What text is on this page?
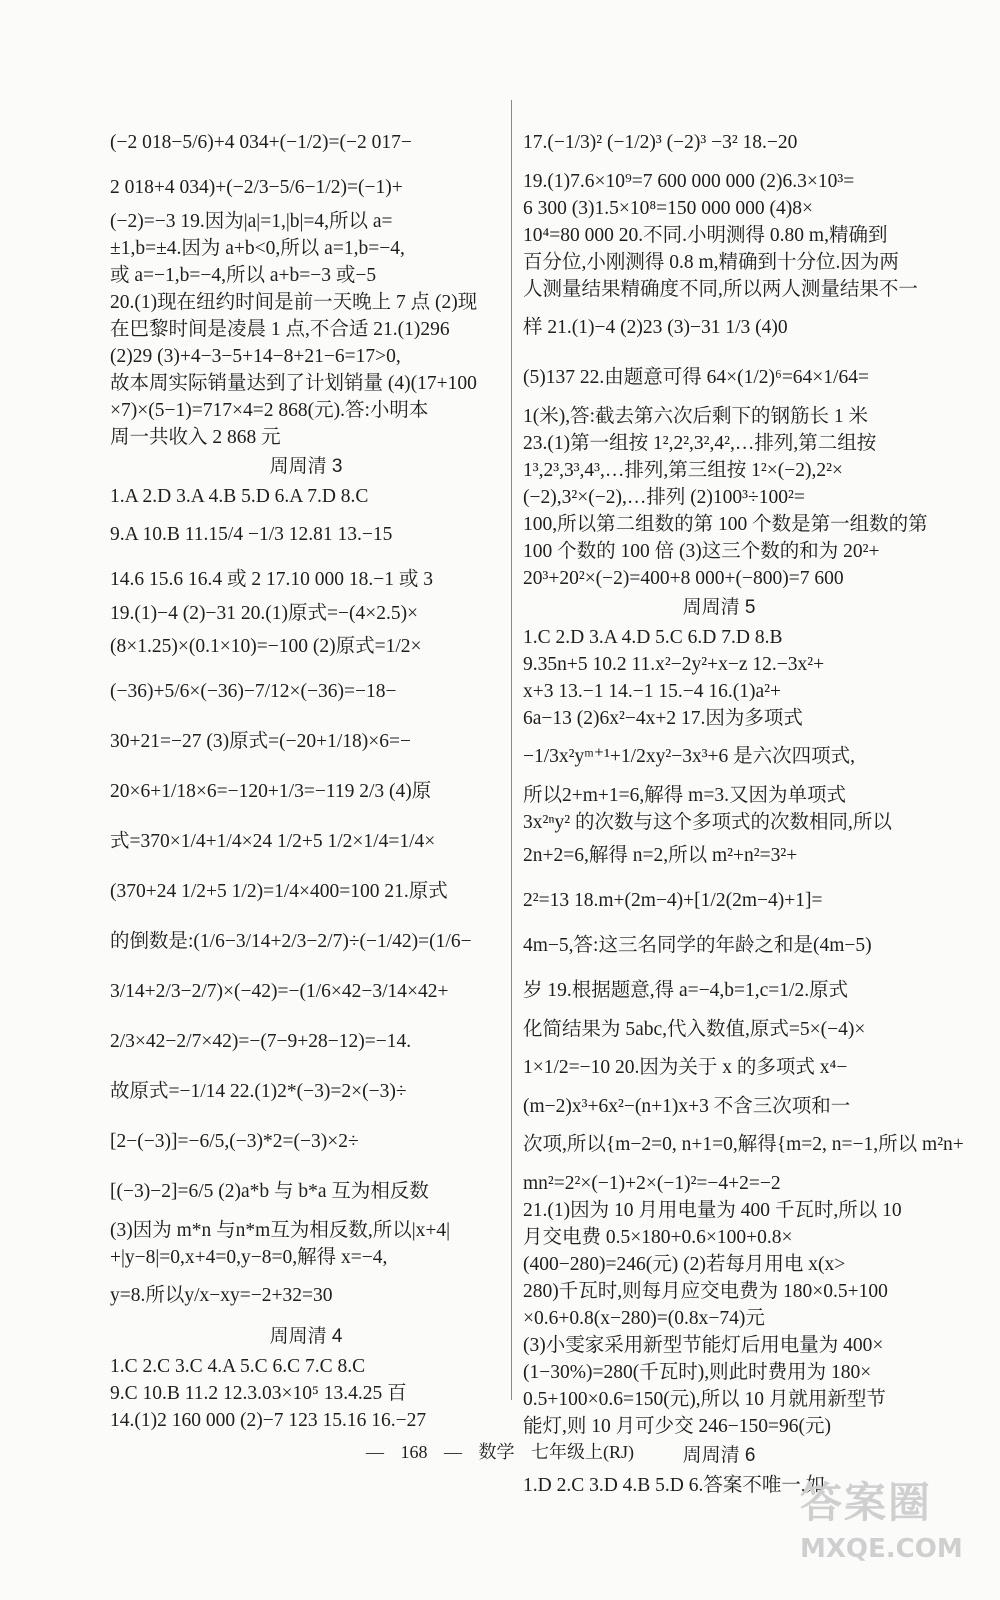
(−2 018−5/6)+4 034+(−1/2)=(−2 017−
2 018+4 034)+(−2/3−5/6−1/2)=(−1)+
(−2)=−3 19.因为|a|=1,|b|=4,所以 a=
±1,b=±4.因为 a+b<0,所以 a=1,b=−4,
或 a=−1,b=−4,所以 a+b=−3 或−5
20.(1)现在纽约时间是前一天晚上 7 点 (2)现
在巴黎时间是凌晨 1 点,不合适 21.(1)296
(2)29 (3)+4−3−5+14−8+21−6=17>0,
故本周实际销量达到了计划销量 (4)(17+100
×7)×(5−1)=717×4=2 868(元).答:小明本
周一共收入 2 868 元
周周清 3
1.A 2.D 3.A 4.B 5.D 6.A 7.D 8.C
9.A 10.B 11.15/4 −1/3 12.81 13.−15
14.6 15.6 16.4 或 2 17.10 000 18.−1 或 3
19.(1)−4 (2)−31 20.(1)原式=−(4×2.5)×
(8×1.25)×(0.1×10)=−100 (2)原式=1/2×
(−36)+5/6×(−36)−7/12×(−36)=−18−
30+21=−27 (3)原式=(−20+1/18)×6=−
20×6+1/18×6=−120+1/3=−119 2/3 (4)原
式=370×1/4+1/4×24 1/2+5 1/2×1/4=1/4×
(370+24 1/2+5 1/2)=1/4×400=100 21.原式
的倒数是:(1/6−3/14+2/3−2/7)÷(−1/42)=(1/6−
3/14+2/3−2/7)×(−42)=−(1/6×42−3/14×42+
2/3×42−2/7×42)=−(7−9+28−12)=−14.
故原式=−1/14 22.(1)2*(−3)=2×(−3)÷
[2−(−3)]=−6/5,(−3)*2=(−3)×2÷
[(−3)−2]=6/5 (2)a*b 与 b*a 互为相反数
(3)因为 m*n 与n*m互为相反数,所以|x+4|
+|y−8|=0,x+4=0,y−8=0,解得 x=−4,
y=8.所以y/x−xy=−2+32=30
周周清 4
1.C 2.C 3.C 4.A 5.C 6.C 7.C 8.C
9.C 10.B 11.2 12.3.03×10⁵ 13.4.25 百
14.(1)2 160 000 (2)−7 123 15.16 16.−27
17.(−1/3)² (−1/2)³ (−2)³ −3² 18.−20
19.(1)7.6×10⁹=7 600 000 000 (2)6.3×10³=
6 300 (3)1.5×10⁸=150 000 000 (4)8×
10⁴=80 000 20.不同.小明测得 0.80 m,精确到
百分位,小刚测得 0.8 m,精确到十分位.因为两
人测量结果精确度不同,所以两人测量结果不一
样 21.(1)−4 (2)23 (3)−31 1/3 (4)0
(5)137 22.由题意可得 64×(1/2)⁶=64×1/64=
1(米),答:截去第六次后剩下的钢筋长 1 米
23.(1)第一组按 1²,2²,3²,4²,…排列,第二组按
1³,2³,3³,4³,…排列,第三组按 1²×(−2),2²×
(−2),3²×(−2),…排列 (2)100³÷100²=
100,所以第二组数的第 100 个数是第一组数的第
100 个数的 100 倍 (3)这三个数的和为 20²+
20³+20²×(−2)=400+8 000+(−800)=7 600
周周清 5
1.C 2.D 3.A 4.D 5.C 6.D 7.D 8.B
9.35n+5 10.2 11.x²−2y²+x−z 12.−3x²+
x+3 13.−1 14.−1 15.−4 16.(1)a²+
6a−13 (2)6x²−4x+2 17.因为多项式
−1/3x²yᵐ⁺¹+1/2xy²−3x³+6 是六次四项式,
所以2+m+1=6,解得 m=3.又因为单项式
3x²ⁿy² 的次数与这个多项式的次数相同,所以
2n+2=6,解得 n=2,所以 m²+n²=3²+
2²=13 18.m+(2m−4)+[1/2(2m−4)+1]=
4m−5,答:这三名同学的年龄之和是(4m−5)
岁 19.根据题意,得 a=−4,b=1,c=1/2.原式
化简结果为 5abc,代入数值,原式=5×(−4)×
1×1/2=−10 20.因为关于 x 的多项式 x⁴−
(m−2)x³+6x²−(n+1)x+3 不含三次项和一
次项,所以{m−2=0, n+1=0,解得{m=2, n=−1,所以 m²n+
mn²=2²×(−1)+2×(−1)²=−4+2=−2
21.(1)因为 10 月用电量为 400 千瓦时,所以 10
月交电费 0.5×180+0.6×100+0.8×
(400−280)=246(元) (2)若每月用电 x(x>
280)千瓦时,则每月应交电费为 180×0.5+100
×0.6+0.8(x−280)=(0.8x−74)元
(3)小雯家采用新型节能灯后用电量为 400×
(1−30%)=280(千瓦时),则此时费用为 180×
0.5+100×0.6=150(元),所以 10 月就用新型节
能灯,则 10 月可少交 246−150=96(元)
周周清 6
1.D 2.C 3.D 4.B 5.D 6.答案不唯一,如
— 168 — 数学 七年级上(RJ)
答案圈
MXQE.COM
